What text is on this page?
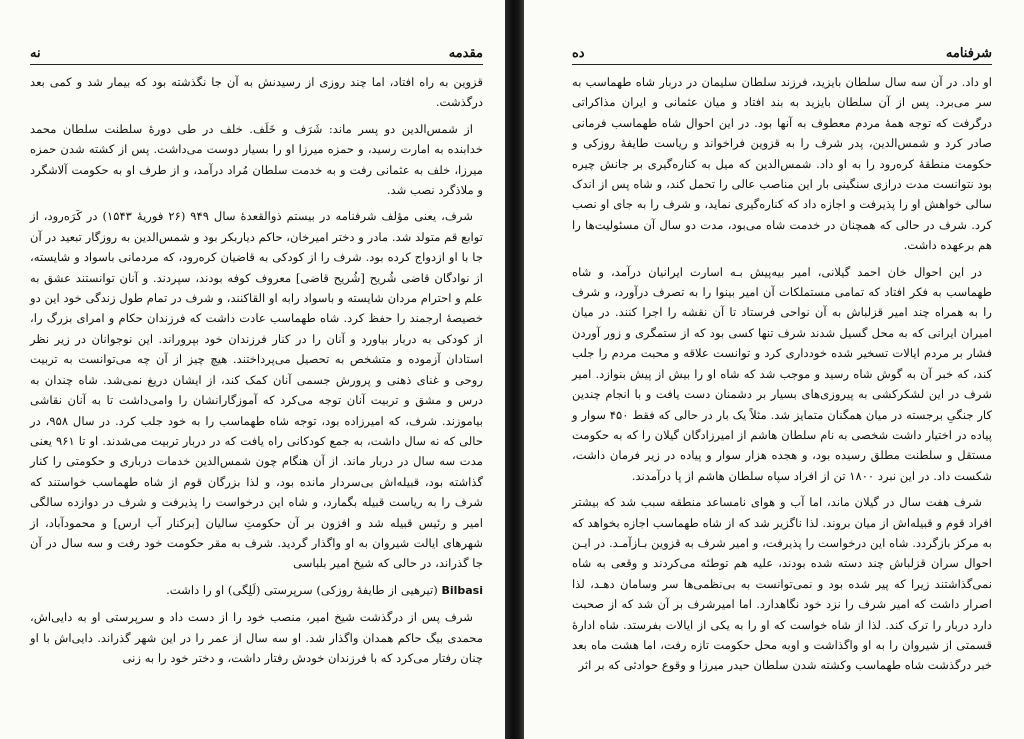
مقدمه
نه

قزوین به راه افتاد، اما چند روزی از رسیدنش به آن جا نگذشته بود که بیمار شد و کمی بعد درگذشت.

از شمس‌الدین دو پسر ماند: شَرَف و خَلَف. خلف در طی دورهٔ سلطنت سلطان محمد خدابنده به امارت رسید، و حمزه میرزا او را بسیار دوست می‌داشت. پس از کشته شدن حمزه میرزا، خلف به عثمانی رفت و به خدمت سلطان مُراد درآمد، و از طرف او به حکومت آلاشگرد و ملاذگرد نصب شد.

شرف، یعنی مؤلف شرفنامه در بیستم ذوالقعدهٔ سال ۹۴۹ (۲۶ فوریهٔ ۱۵۴۳) در کَرَه‌رود، از توابع قم متولد شد. مادر و دختر امیرخان، حاکم دیاربکر بود و شمس‌الدین به روزگار تبعید در آن جا با او ازدواج کرده بود. شرف را از کودکی به قاضیان کره‌رود، که مردمانی باسواد و شایسته، از نوادگان قاضی شُریح [شُریح قاضی] معروف کوفه بودند، سپردند. و آنان توانستند عشق به علم و احترام مردان شایسته و باسواد رابه او القاکنند، و شرف در تمام طول زندگی خود این دو خصیصهٔ ارجمند را حفظ کرد. شاه طهماسب عادت داشت که فرزندان حکام و امرای بزرگ را، از کودکی به دربار بیاورد و آنان را در کنار فرزندان خود بپروراند. این نوجوانان در زیر نظر استادان آزموده و متشخص به تحصیل می‌پرداختند. هیچ چیز از آن چه می‌توانست به تربیت روحی و غنای ذهنی و پرورش جسمی آنان کمک کند، از ایشان دریغ نمی‌شد. شاه چندان به درس و مشق و تربیت آنان توجه می‌کرد که آموزگارانشان را وامی‌داشت تا به آنان نقاشی بیاموزند. شرف، که امیرزاده بود، توجه شاه طهماسب را به خود جلب کرد. در سال ۹۵۸، در حالی که نه سال داشت، به جمع کودکانی راه یافت که در دربار تربیت می‌شدند. او تا ۹۶۱ یعنی مدت سه سال در دربار ماند. از آن هنگام چون شمس‌الدین خدمات درباری و حکومتی را کنار گذاشته بود، قبیله‌اش بی‌سردار مانده بود، و لذا بزرگان قوم از شاه طهماسب خواستند که شرف را به ریاست قبیله بگمارد، و شاه این درخواست را پذیرفت و شرف در دوازده سالگی امیر و رئیس قبیله شد و افزون بر آن حکومتِ سالیان [برکنار آب ارس] و محمودآباد، از شهرهای ایالت شیروان به او واگذار گردید. شرف به مقر حکومت خود رفت و سه سال در آن جا گذراند، در حالی که شیخ امیر بلباسی

Bilbasi (تیرهیی از طایفهٔ روزکی) سرپرستی (لَلِگی) او را داشت.

شرف پس از درگذشت شیخ امیر، منصب خود را از دست داد و سرپرستی او به دایی‌اش، محمدی بیگ حاکم همدان واگذار شد. او سه سال از عمر را در این شهر گذراند. دایی‌اش با او چنان رفتار می‌کرد که با فرزندان خودش رفتار داشت، و دختر خود را به زنی

شرفنامه
ده

او داد. در آن سه سال سلطان بایزید، فرزند سلطان سلیمان در دربار شاه طهماسب به سر می‌برد. پس از آن سلطان بایزید به بند افتاد و میان عثمانی و ایران مذاکراتی درگرفت که توجه همهٔ مردم معطوف به آنها بود. در این احوال شاه طهماسب فرمانی صادر کرد و شمس‌الدین، پدر شرف را به قزوین فراخواند و ریاست طایفهٔ روزکی و حکومت منطقهٔ کره‌رود را به او داد. شمس‌الدین که میل به کناره‌گیری بر جانش چیره بود نتوانست مدت درازی سنگینی بار این مناصب عالی را تحمل کند، و شاه پس از اندک سالی خواهش او را پذیرفت و اجازه داد که کناره‌گیری نماید، و شرف را به جای او نصب کرد. شرف در حالی که همچنان در خدمت شاه می‌بود، مدت دو سال آن مسئولیت‌ها را هم برعهده داشت.

در این احوال خان احمد گیلانی، امیر بیه‌پیش بـه اسارت ایرانیان درآمد، و شاه طهماسب به فکر افتاد که تمامی مستملکات آن امیر بینوا را به تصرف درآورد، و شرف را به همراه چند امیر قزلباش به آن نواحی فرستاد تا آن نقشه را اجرا کنند. در میان امیران ایرانی که به محل گسیل شدند شرف تنها کسی بود که از ستمگری و زور آوردن فشار بر مردم ایالات تسخیر شده خودداری کرد و توانست علاقه و محبت مردم را جلب کند، که خبر آن به گوش شاه رسید و موجب شد که شاه او را بیش از پیش بنوازد. امیر شرف در این لشکرکشی به پیروزی‌های بسیار بر دشمنان دست یافت و با انجام چندین کار جنگیِ برجسته در میان همگنان متمایز شد. مثلاً یک بار در حالی که فقط ۴۵۰ سوار و پیاده در اختیار داشت شخصی به نام سلطان هاشم از امیرزادگان گیلان را که به حکومت مستقل و سلطنت مطلق رسیده بود، و هجده هزار سوار و پیاده در زیر فرمان داشت، شکست داد. در این نبرد ۱۸۰۰ تن از افراد سپاه سلطان هاشم از پا درآمدند.

شرف هفت سال در گیلان ماند، اما آب و هوای نامساعد منطقه سبب شد که بیشتر افراد قوم و قبیله‌اش از میان بروند. لذا ناگزیر شد که از شاه طهماسب اجازه بخواهد که به مرکز بازگردد. شاه این درخواست را پذیرفت، و امیر شرف به قزوین بـازآمـد. در ایـن احوال سران قزلباش چند دسته شده بودند، علیه هم توطئه می‌کردند و وقعی به شاه نمی‌گذاشتند زیرا که پیر شده بود و نمی‌توانست به بی‌نظمی‌ها سر وسامان دهـد، لذا اصرار داشت که امیر شرف را نزد خود نگاهدارد. اما امیرشرف بر آن شد که از صحبت دارد دربار را ترک کند. لذا از شاه خواست که او را به یکی از ایالات بفرستد. شاه ادارهٔ قسمتی از شیروان را به او واگذاشت و اوبه محل حکومت تازه رفت، اما هشت ماه بعد خبر درگذشت شاه طهماسب وکشته شدن سلطان حیدر میرزا و وقوع حوادثی که بر اثر
